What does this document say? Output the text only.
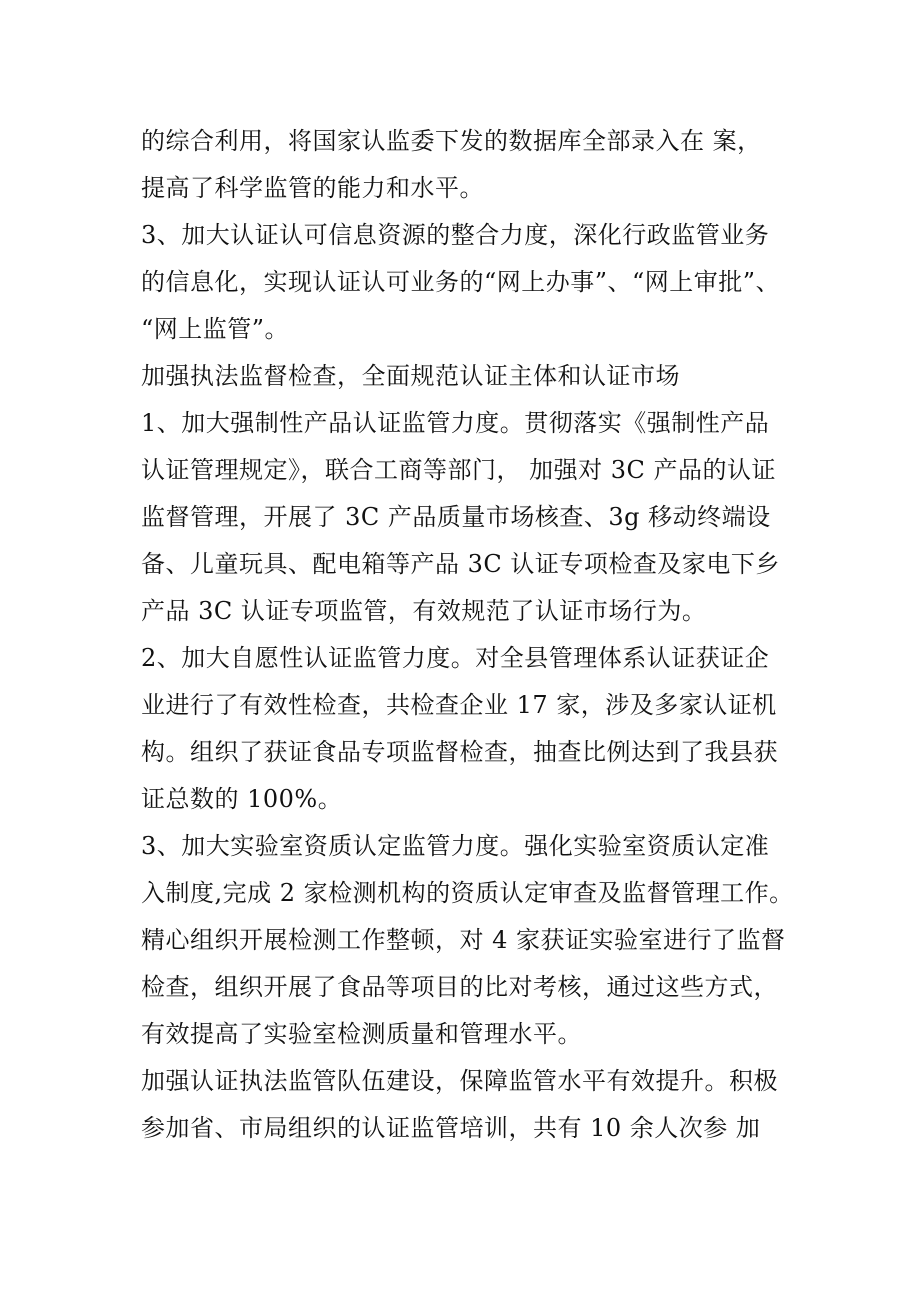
的综合利用，将国家认监委下发的数据库全部录入在 案，
提高了科学监管的能力和水平。
3、加大认证认可信息资源的整合力度，深化行政监管业务
的信息化，实现认证认可业务的“网上办事”、“网上审批”、
“网上监管”。
加强执法监督检查，全面规范认证主体和认证市场
1、加大强制性产品认证监管力度。贯彻落实《强制性产品
认证管理规定》，联合工商等部门， 加强对 3C 产品的认证
监督管理，开展了 3C 产品质量市场核查、3g 移动终端设
备、儿童玩具、配电箱等产品 3C 认证专项检查及家电下乡
产品 3C 认证专项监管，有效规范了认证市场行为。
2、加大自愿性认证监管力度。对全县管理体系认证获证企
业进行了有效性检查，共检查企业 17 家，涉及多家认证机
构。组织了获证食品专项监督检查，抽查比例达到了我县获
证总数的 100%。
3、加大实验室资质认定监管力度。强化实验室资质认定准
入制度,完成 2 家检测机构的资质认定审查及监督管理工作。
精心组织开展检测工作整顿，对 4 家获证实验室进行了监督
检查，组织开展了食品等项目的比对考核，通过这些方式，
有效提高了实验室检测质量和管理水平。
加强认证执法监管队伍建设，保障监管水平有效提升。积极
参加省、市局组织的认证监管培训，共有 10 余人次参 加
